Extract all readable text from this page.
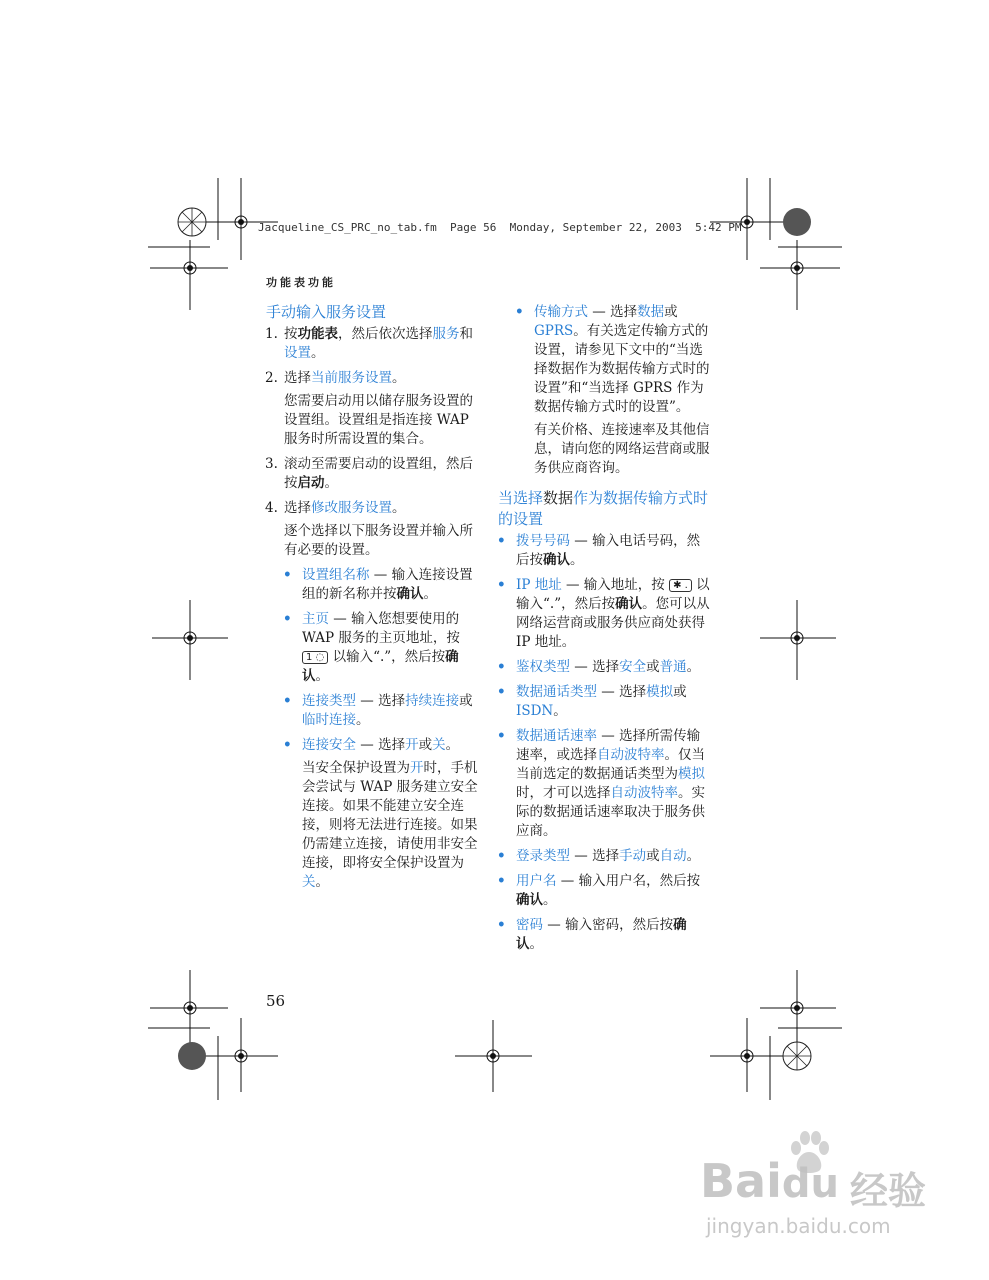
Jacqueline_CS_PRC_no_tab.fm  Page 56  Monday, September 22, 2003  5:42 PM
功能表功能
手动输入服务设置
1. 按功能表，然后依次选择服务和设置。
2. 选择当前服务设置。
您需要启动用以储存服务设置的设置组。设置组是指连接 WAP 服务时所需设置的集合。
3. 滚动至需要启动的设置组，然后按启动。
4. 选择修改服务设置。
逐个选择以下服务设置并输入所有必要的设置。
• 设置组名称 — 输入连接设置组的新名称并按确认。
• 主页 — 输入您想要使用的 WAP 服务的主页地址，按 1 ◌ 以输入“.”，然后按确认。
• 连接类型 — 选择持续连接或临时连接。
• 连接安全 — 选择开或关。
当安全保护设置为开时，手机会尝试与 WAP 服务建立安全连接。如果不能建立安全连接，则将无法进行连接。如果仍需建立连接，请使用非安全连接，即将安全保护设置为关。
• 传输方式 — 选择数据或 GPRS。有关选定传输方式的设置，请参见下文中的“当选择数据作为数据传输方式时的设置”和“当选择 GPRS 作为数据传输方式时的设置”。
有关价格、连接速率及其他信息，请向您的网络运营商或服务供应商咨询。
当选择数据作为数据传输方式时的设置
• 拨号号码 — 输入电话号码，然后按确认。
• IP 地址 — 输入地址，按 ✱ . 以输入“.”，然后按确认。您可以从网络运营商或服务供应商处获得 IP 地址。
• 鉴权类型 — 选择安全或普通。
• 数据通话类型 — 选择模拟或 ISDN。
• 数据通话速率 — 选择所需传输速率，或选择自动波特率。仅当当前选定的数据通话类型为模拟时，才可以选择自动波特率。实际的数据通话速率取决于服务供应商。
• 登录类型 — 选择手动或自动。
• 用户名 — 输入用户名，然后按确认。
• 密码 — 输入密码，然后按确认。
56
Baidu 经验
jingyan.baidu.com
